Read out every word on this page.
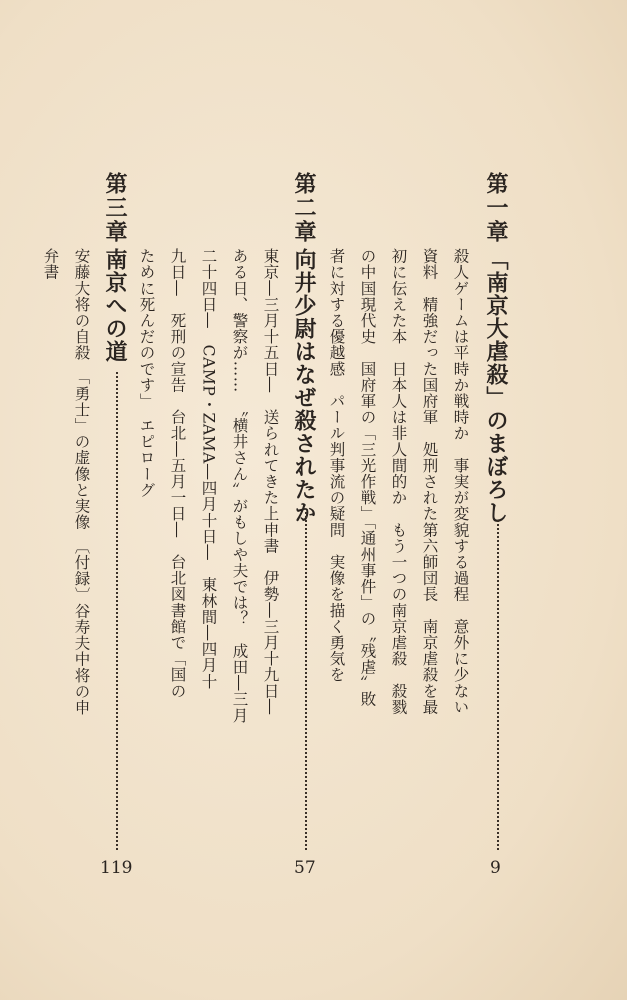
第一章
「南京大虐殺」のまぼろし
9
殺人ゲームは平時か戦時か　事実が変貌する過程　意外に少ない
資料　精強だった国府軍　処刑された第六師団長　南京虐殺を最
初に伝えた本　日本人は非人間的か　もう一つの南京虐殺　殺戮
の中国現代史　国府軍の「三光作戦」「通州事件」の〝残虐〟敗
者に対する優越感　パール判事流の疑問　実像を描く勇気を
第二章
向井少尉はなぜ殺されたか
57
東京―三月十五日―　送られてきた上申書　伊勢―三月十九日―
ある日、警察が……　〝横井さん〟がもしや夫では？　成田―三月
二十四日―　CAMP・ZAMA―四月十日―　東林間―四月十
九日―　死刑の宣告　台北―五月一日―　台北図書館で「国の
ために死んだのです」　エピローグ
第三章
南京への道
119
安藤大将の自殺　「勇士」の虚像と実像　〔付録〕谷寿夫中将の申
弁書
